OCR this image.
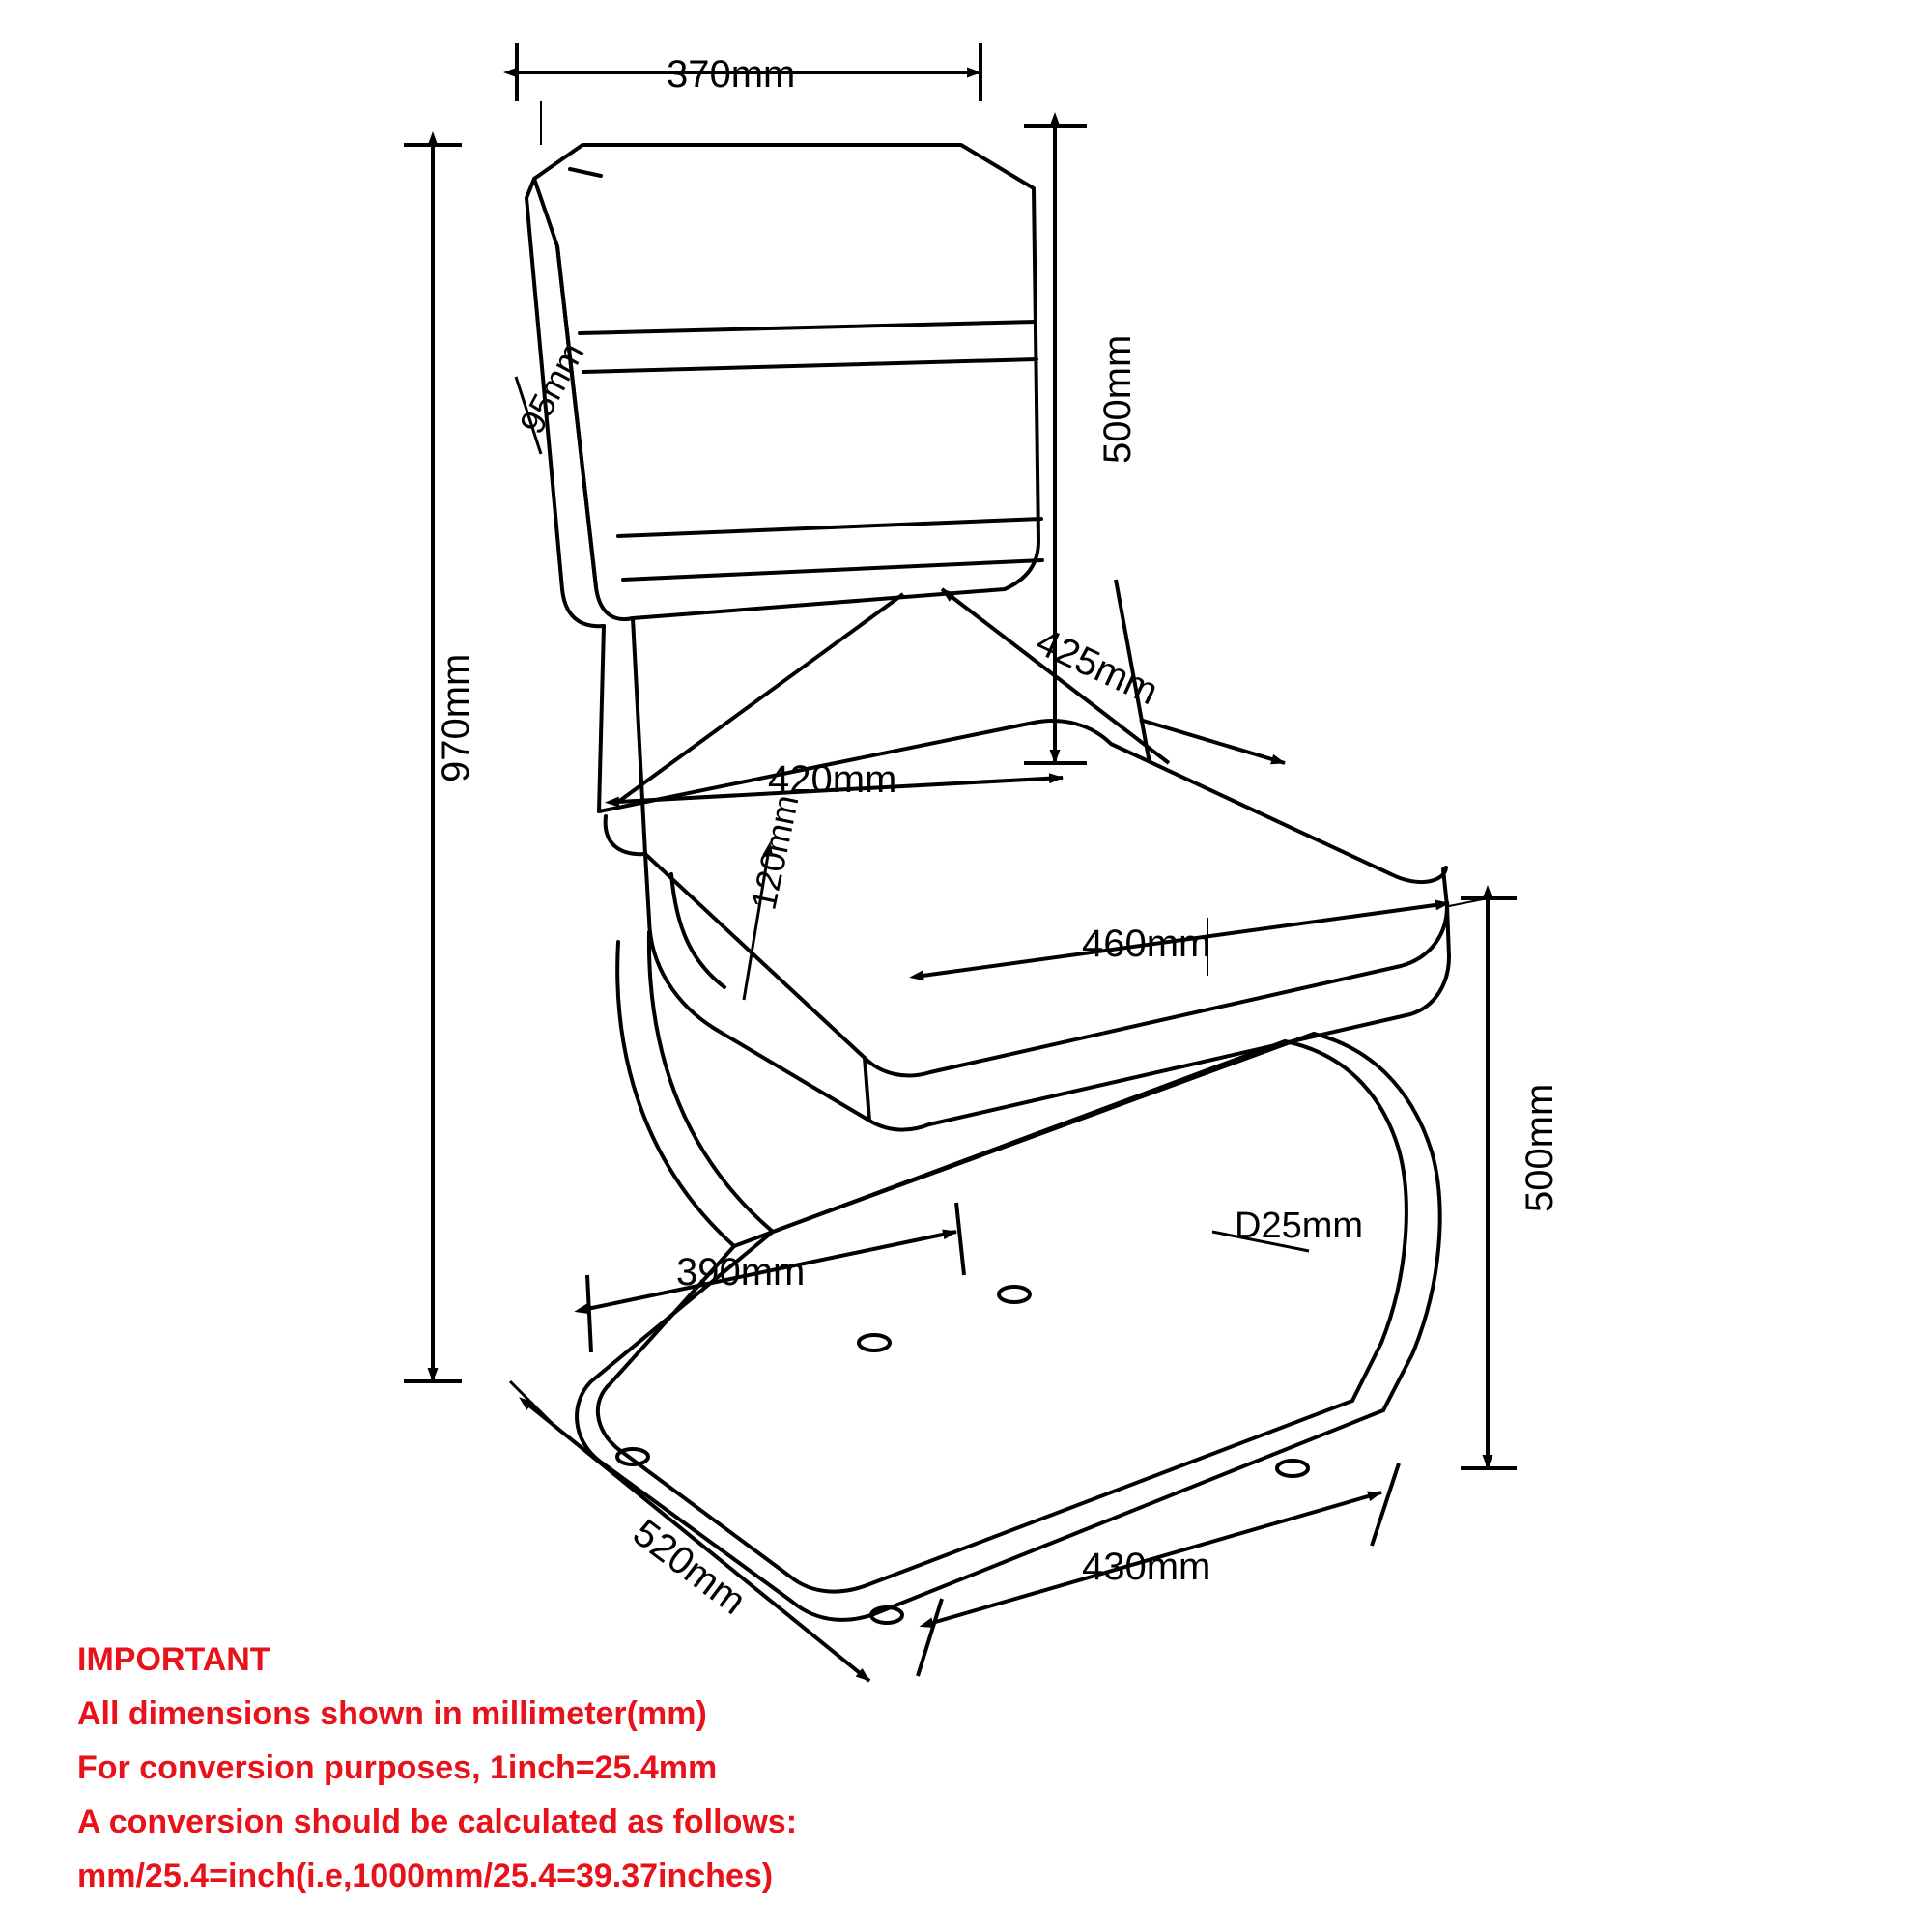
370mm
500mm
970mm
95mm
425mm
420mm
460mm
120mm
500mm
D25mm
390mm
520mm	430mm
IMPORTANT
All dimensions shown in millimeter(mm)
For conversion purposes, 1inch=25.4mm
A conversion should be calculated as follows:
mm/25.4=inch(i.e,1000mm/25.4=39.37inches)
